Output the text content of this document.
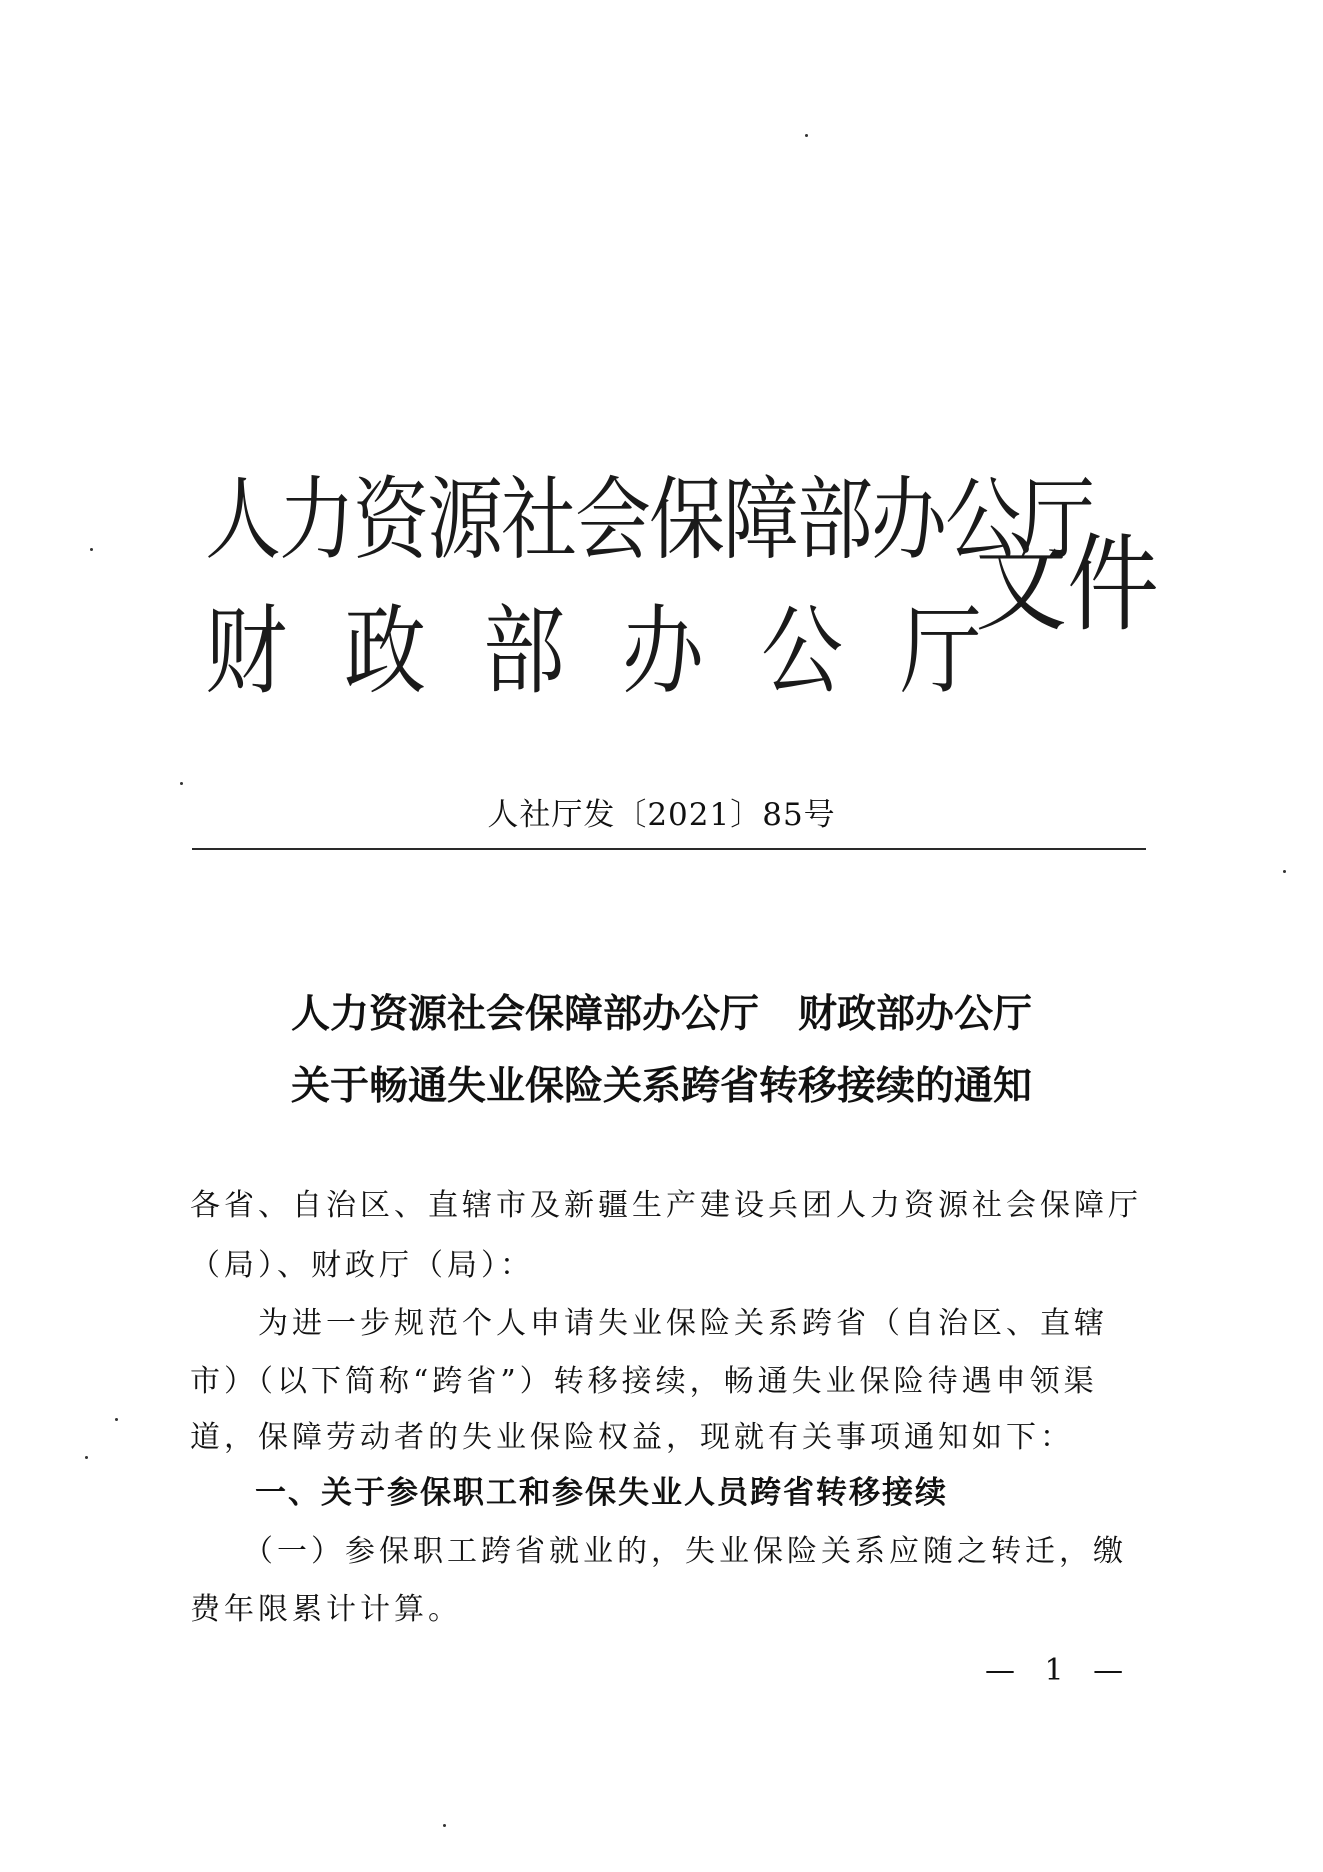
人力资源社会保障部办公厅
财政部办公厅
文件
人社厅发〔2021〕85号
人力资源社会保障部办公厅　财政部办公厅
关于畅通失业保险关系跨省转移接续的通知
各省、自治区、直辖市及新疆生产建设兵团人力资源社会保障厅
（局）、财政厅（局）：
　　为进一步规范个人申请失业保险关系跨省（自治区、直辖
市）（以下简称“跨省”）转移接续，畅通失业保险待遇申领渠
道，保障劳动者的失业保险权益，现就有关事项通知如下：
一、关于参保职工和参保失业人员跨省转移接续
　　（一）参保职工跨省就业的，失业保险关系应随之转迁，缴
费年限累计计算。
— 1 —
